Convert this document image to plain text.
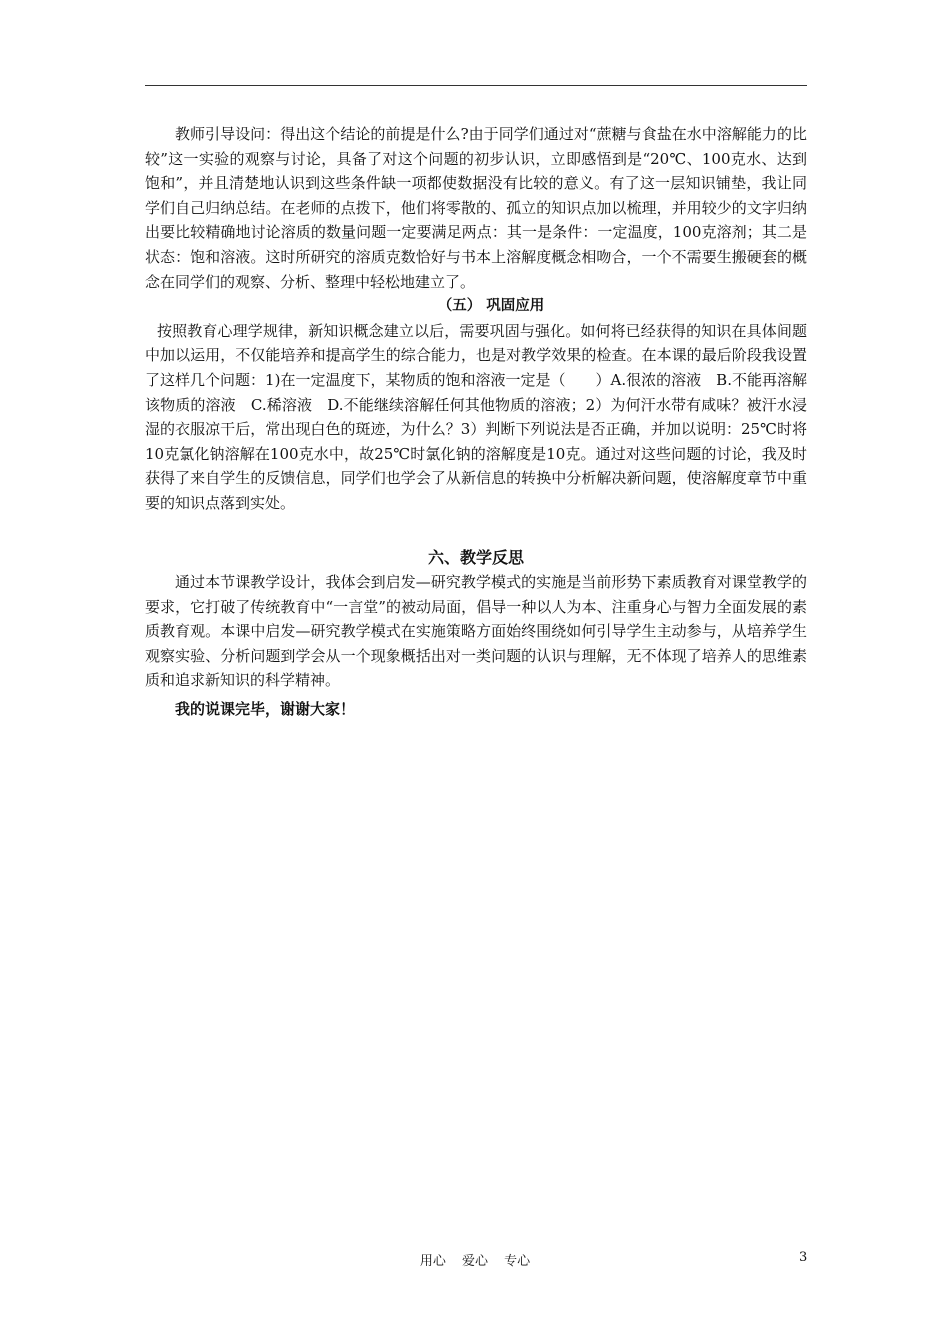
教师引导设问：得出这个结论的前提是什么?由于同学们通过对“蔗糖与食盐在水中溶解能力的比较”这一实验的观察与讨论，具备了对这个问题的初步认识，立即感悟到是“20℃、100克水、达到饱和”，并且清楚地认识到这些条件缺一项都使数据没有比较的意义。有了这一层知识铺垫，我让同学们自己归纳总结。在老师的点拨下，他们将零散的、孤立的知识点加以梳理，并用较少的文字归纳出要比较精确地讨论溶质的数量问题一定要满足两点：其一是条件：一定温度，100克溶剂；其二是状态：饱和溶液。这时所研究的溶质克数恰好与书本上溶解度概念相吻合，一个不需要生搬硬套的概念在同学们的观察、分析、整理中轻松地建立了。

（五） 巩固应用

按照教育心理学规律，新知识概念建立以后，需要巩固与强化。如何将已经获得的知识在具体间题中加以运用，不仅能培养和提高学生的综合能力，也是对教学效果的检查。在本课的最后阶段我设置了这样几个问题：1)在一定温度下，某物质的饱和溶液一定是（　　）A.很浓的溶液　B.不能再溶解该物质的溶液　C.稀溶液　D.不能继续溶解任何其他物质的溶液；2）为何汗水带有咸味？被汗水浸湿的衣服凉干后，常出现白色的斑迹，为什么？3）判断下列说法是否正确，并加以说明：25℃时将10克氯化钠溶解在100克水中，故25℃时氯化钠的溶解度是10克。通过对这些问题的讨论，我及时获得了来自学生的反馈信息，同学们也学会了从新信息的转换中分析解决新问题，使溶解度章节中重要的知识点落到实处。

六、教学反思

通过本节课教学设计，我体会到启发—研究教学模式的实施是当前形势下素质教育对课堂教学的要求，它打破了传统教育中“一言堂”的被动局面，倡导一种以人为本、注重身心与智力全面发展的素质教育观。本课中启发—研究教学模式在实施策略方面始终围绕如何引导学生主动参与，从培养学生观察实验、分析问题到学会从一个现象概括出对一类问题的认识与理解，无不体现了培养人的思维素质和追求新知识的科学精神。

我的说课完毕，谢谢大家！

用心 爱心 专心	3
